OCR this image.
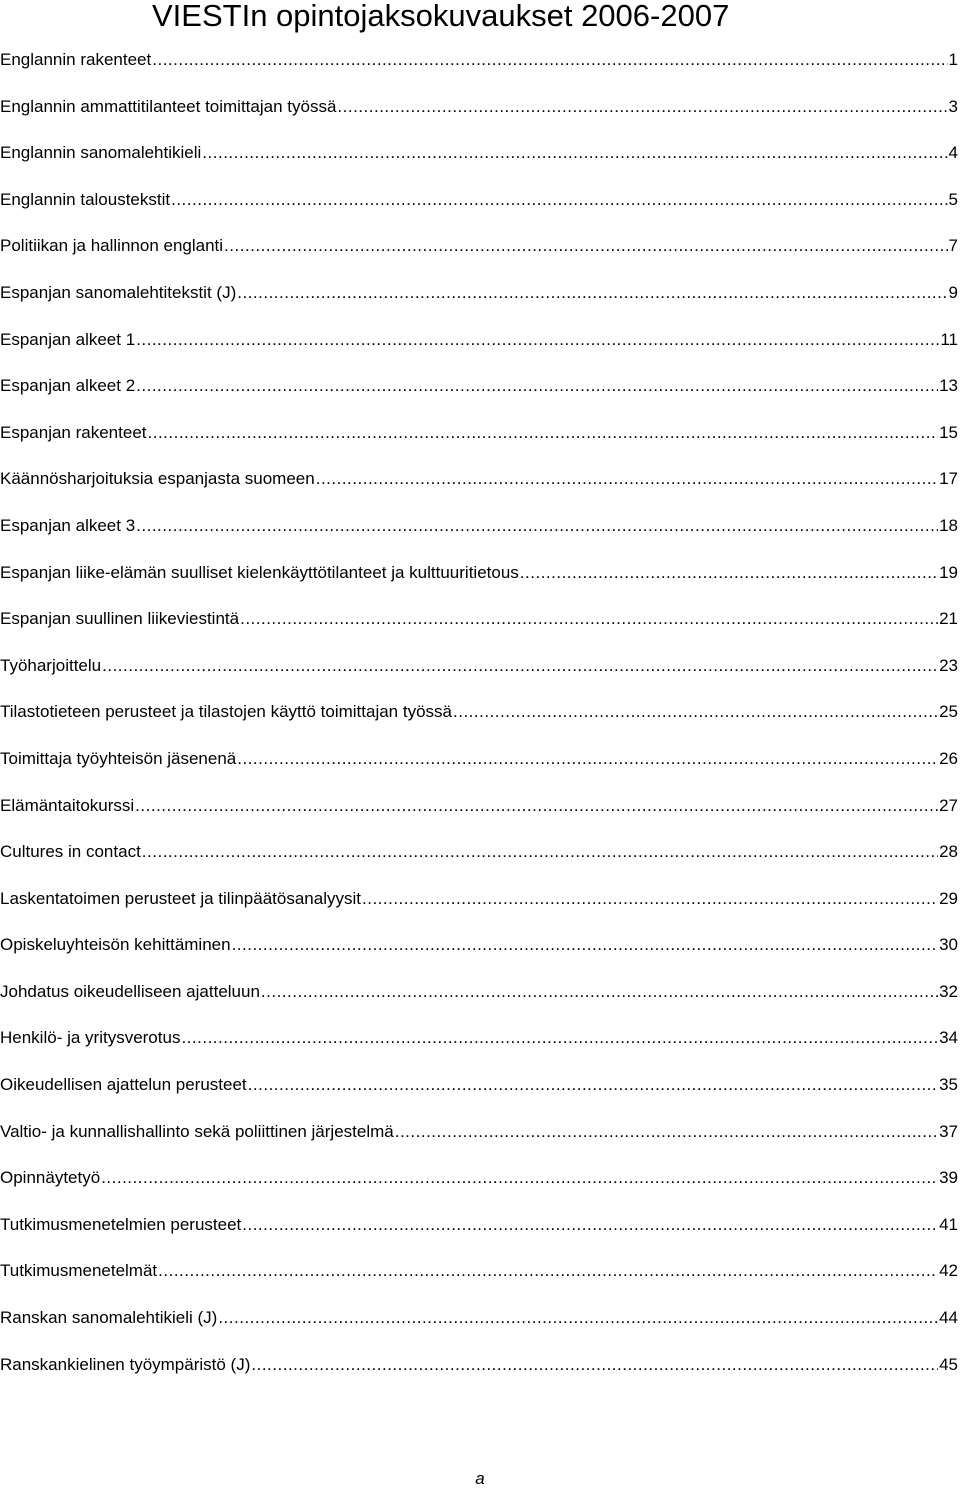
VIESTIn opintojaksokuvaukset 2006-2007
Englannin rakenteet .....	1
Englannin ammattitilanteet toimittajan työssä .....	3
Englannin sanomalehtikieli .....	4
Englannin taloustekstit .....	5
Politiikan ja hallinnon englanti .....	7
Espanjan sanomalehtitekstit (J) .....	9
Espanjan alkeet 1 .....	11
Espanjan alkeet 2 .....	13
Espanjan rakenteet .....	15
Käännösharjoituksia espanjasta suomeen .....	17
Espanjan alkeet 3 .....	18
Espanjan liike-elämän suulliset kielenkäyttötilanteet ja kulttuuritietous .....	19
Espanjan suullinen liikeviestintä .....	21
Työharjoittelu .....	23
Tilastotieteen perusteet ja tilastojen käyttö toimittajan työssä .....	25
Toimittaja työyhteisön jäsenenä .....	26
Elämäntaitokurssi .....	27
Cultures in contact .....	28
Laskentatoimen perusteet ja tilinpäätösanalyysit .....	29
Opiskeluyhteisön kehittäminen .....	30
Johdatus oikeudelliseen ajatteluun .....	32
Henkilö- ja yritysverotus .....	34
Oikeudellisen ajattelun perusteet .....	35
Valtio- ja kunnallishallinto sekä poliittinen järjestelmä .....	37
Opinnäytetyö .....	39
Tutkimusmenetelmien perusteet .....	41
Tutkimusmenetelmät .....	42
Ranskan sanomalehtikieli (J) .....	44
Ranskankielinen työympäristö (J) .....	45
a
